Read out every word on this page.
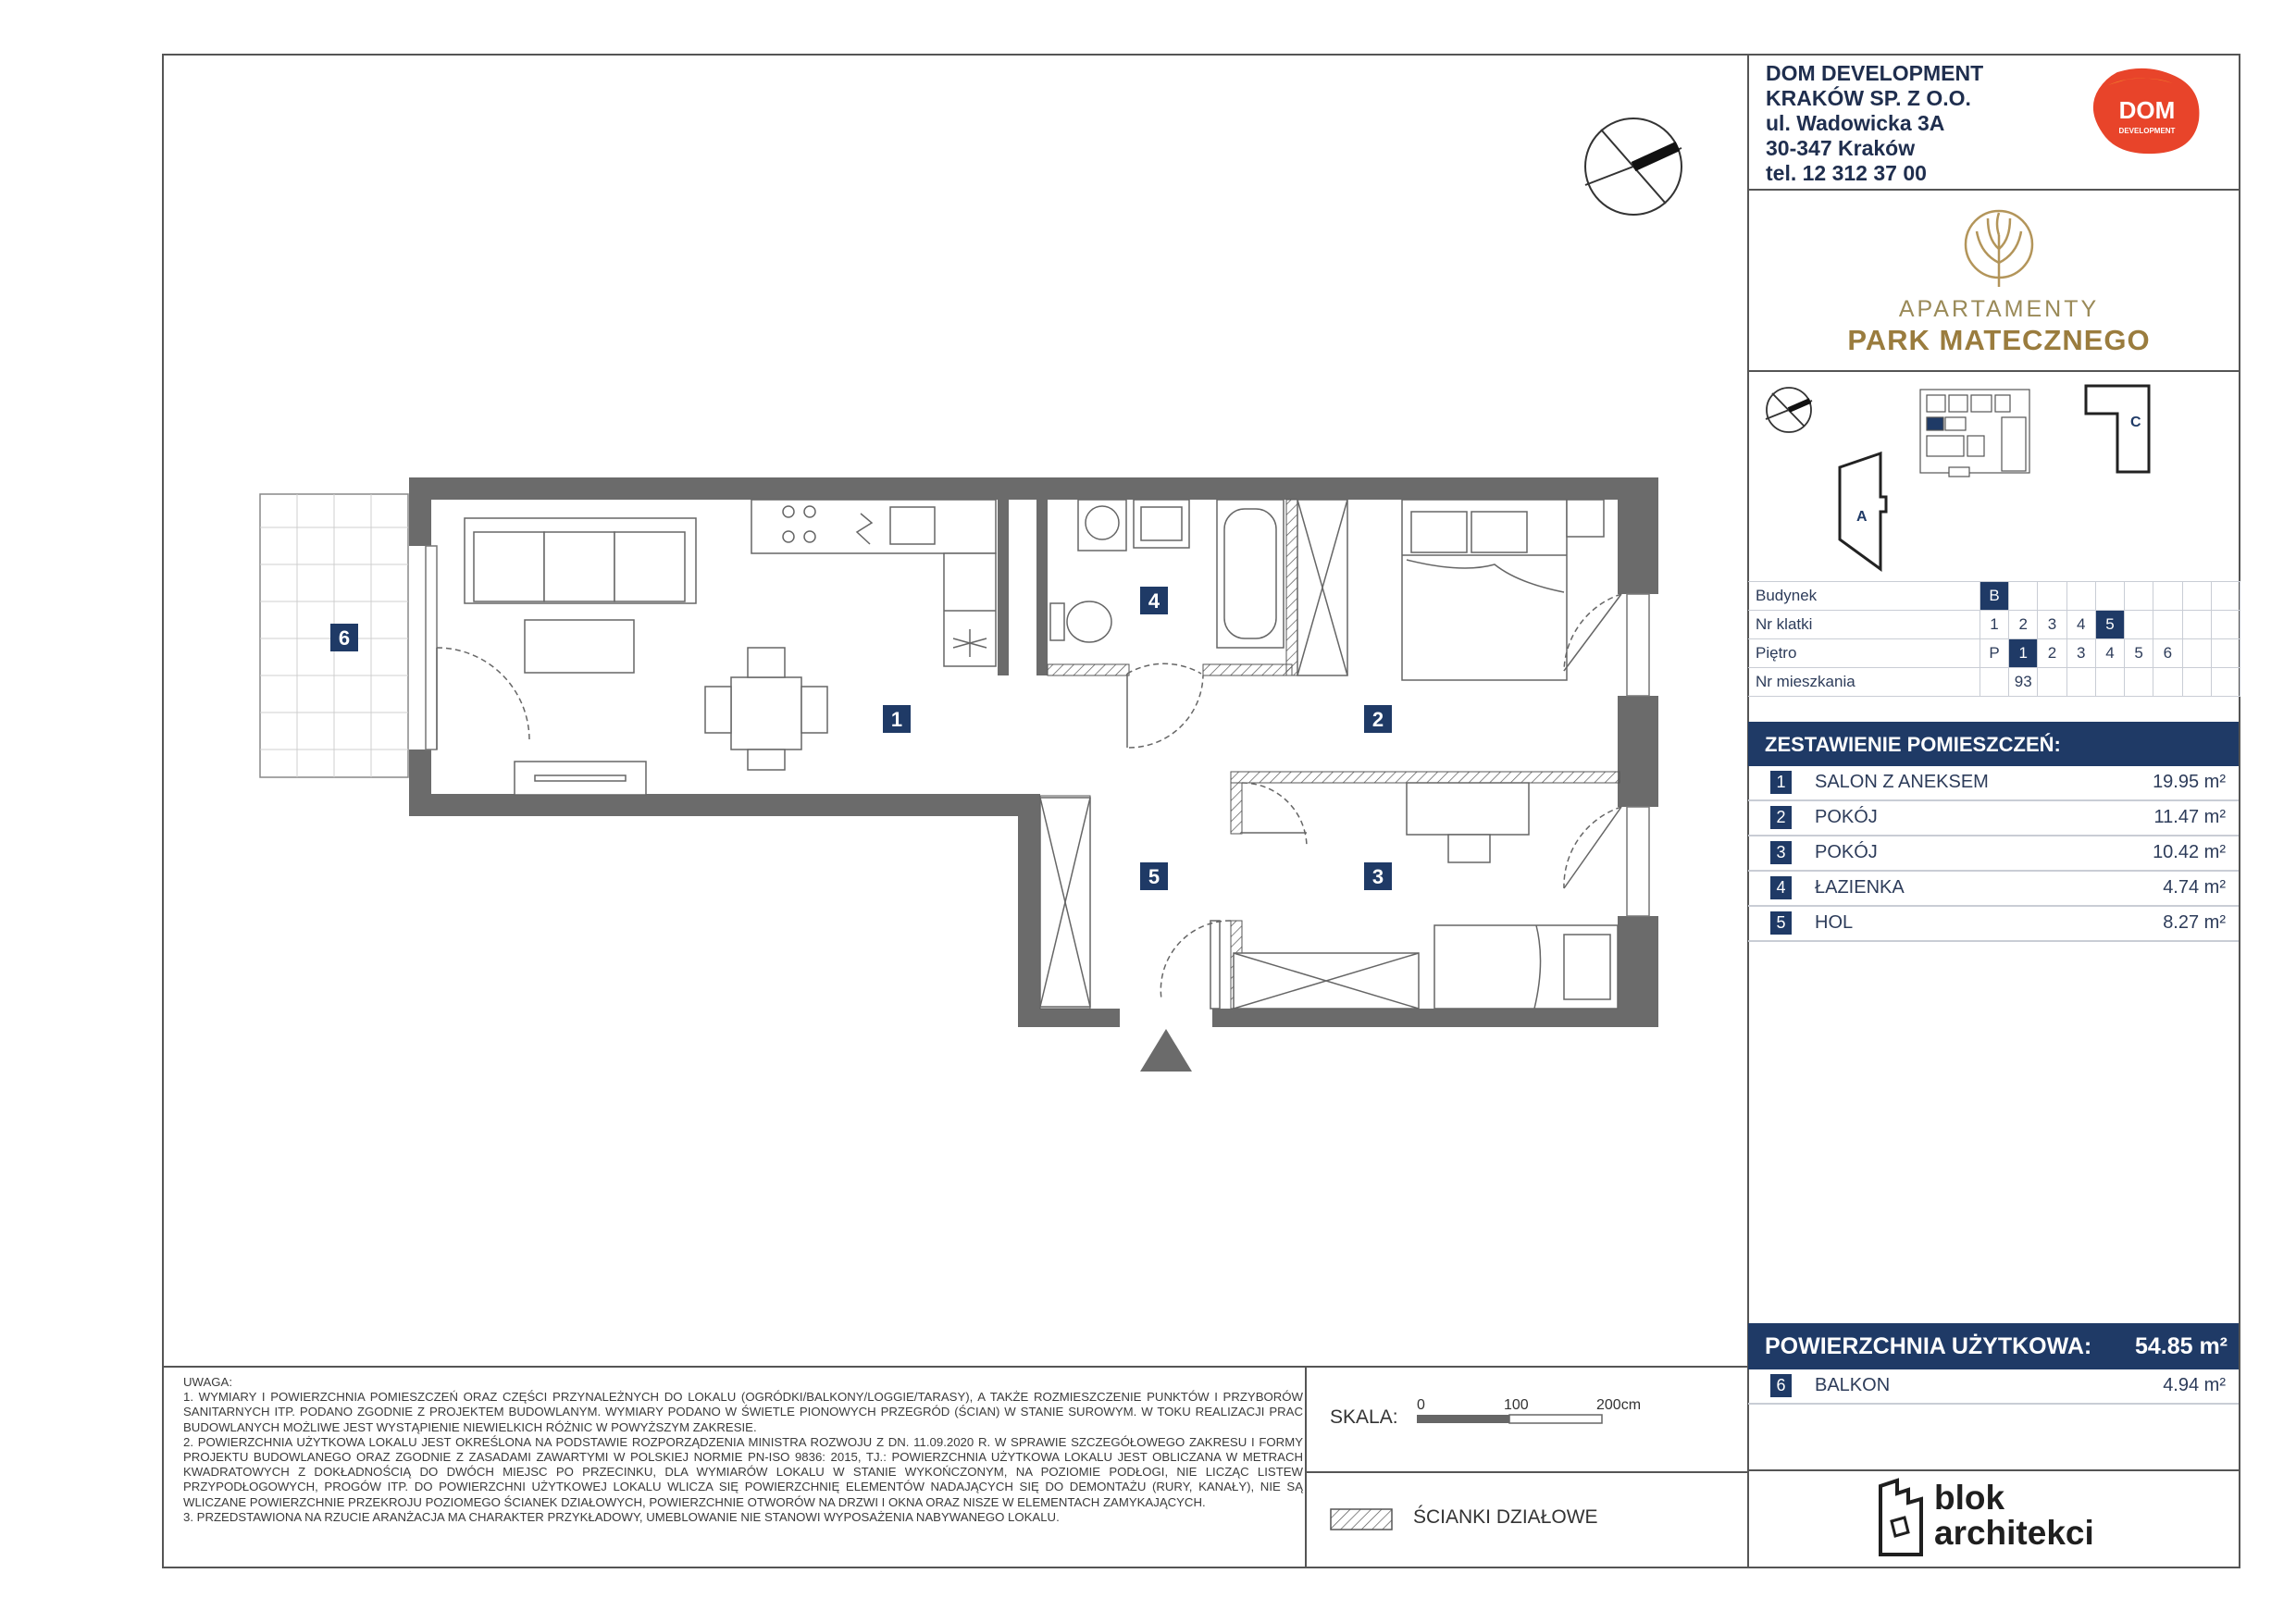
1	2
3
4
5
6
DOM DEVELOPMENT
KRAKÓW SP. Z O.O.
ul. Wadowicka 3A
30-347 Kraków
tel. 12 312 37 00
DOM
DEVELOPMENT
APARTAMENTY
PARK MATECZNEGO
C
A
Budynek	B								
Nr klatki	1	2	3	4	5				
Piętro	P	1	2	3	4	5	6		
Nr mieszkania		93							
ZESTAWIENIE POMIESZCZEŃ:
1	SALON Z ANEKSEM	19.95 m²
2	POKÓJ	11.47 m²
3	POKÓJ	10.42 m²
4	ŁAZIENKA	4.74 m²
5	HOL	8.27 m²
POWIERZCHNIA UŻYTKOWA: 54.85 m²
6	BALKON	4.94 m²

UWAGA:

1. WYMIARY I POWIERZCHNIA POMIESZCZEŃ ORAZ CZĘŚCI PRZYNALEŻNYCH DO LOKALU (OGRÓDKI/BALKONY/LOGGIE/TARASY), A TAKŻE ROZMIESZCZENIE PUNKTÓW I PRZYBORÓW SANITARNYCH ITP. PODANO ZGODNIE Z PROJEKTEM BUDOWLANYM. WYMIARY PODANO W ŚWIETLE PIONOWYCH PRZEGRÓD (ŚCIAN) W STANIE SUROWYM. W TOKU REALIZACJI PRAC BUDOWLANYCH MOŻLIWE JEST WYSTĄPIENIE NIEWIELKICH RÓŻNIC W POWYŻSZYM ZAKRESIE.

2. POWIERZCHNIA UŻYTKOWA LOKALU JEST OKREŚLONA NA PODSTAWIE ROZPORZĄDZENIA MINISTRA ROZWOJU Z DN. 11.09.2020 R. W SPRAWIE SZCZEGÓŁOWEGO ZAKRESU I FORMY PROJEKTU BUDOWLANEGO ORAZ ZGODNIE Z ZASADAMI ZAWARTYMI W POLSKIEJ NORMIE PN-ISO 9836: 2015, TJ.: POWIERZCHNIA UŻYTKOWA LOKALU JEST OBLICZANA W METRACH KWADRATOWYCH Z DOKŁADNOŚCIĄ DO DWÓCH MIEJSC PO PRZECINKU, DLA WYMIARÓW LOKALU W STANIE WYKOŃCZONYM, NA POZIOMIE PODŁOGI, NIE LICZĄC LISTEW PRZYPODŁOGOWYCH, PROGÓW ITP. DO POWIERZCHNI UŻYTKOWEJ LOKALU WLICZA SIĘ POWIERZCHNIĘ ELEMENTÓW NADAJĄCYCH SIĘ DO DEMONTAŻU (RURY, KANAŁY), NIE SĄ WLICZANE POWIERZCHNIE PRZEKROJU POZIOMEGO ŚCIANEK DZIAŁOWYCH, POWIERZCHNIE OTWORÓW NA DRZWI I OKNA ORAZ NISZE W ELEMENTACH ZAMYKAJĄCYCH.

3. PRZEDSTAWIONA NA RZUCIE ARANŻACJA MA CHARAKTER PRZYKŁADOWY, UMEBLOWANIE NIE STANOWI WYPOSAŻENIA NABYWANEGO LOKALU.

SKALA:
0	100	200cm
ŚCIANKI DZIAŁOWE
blok
architekci
